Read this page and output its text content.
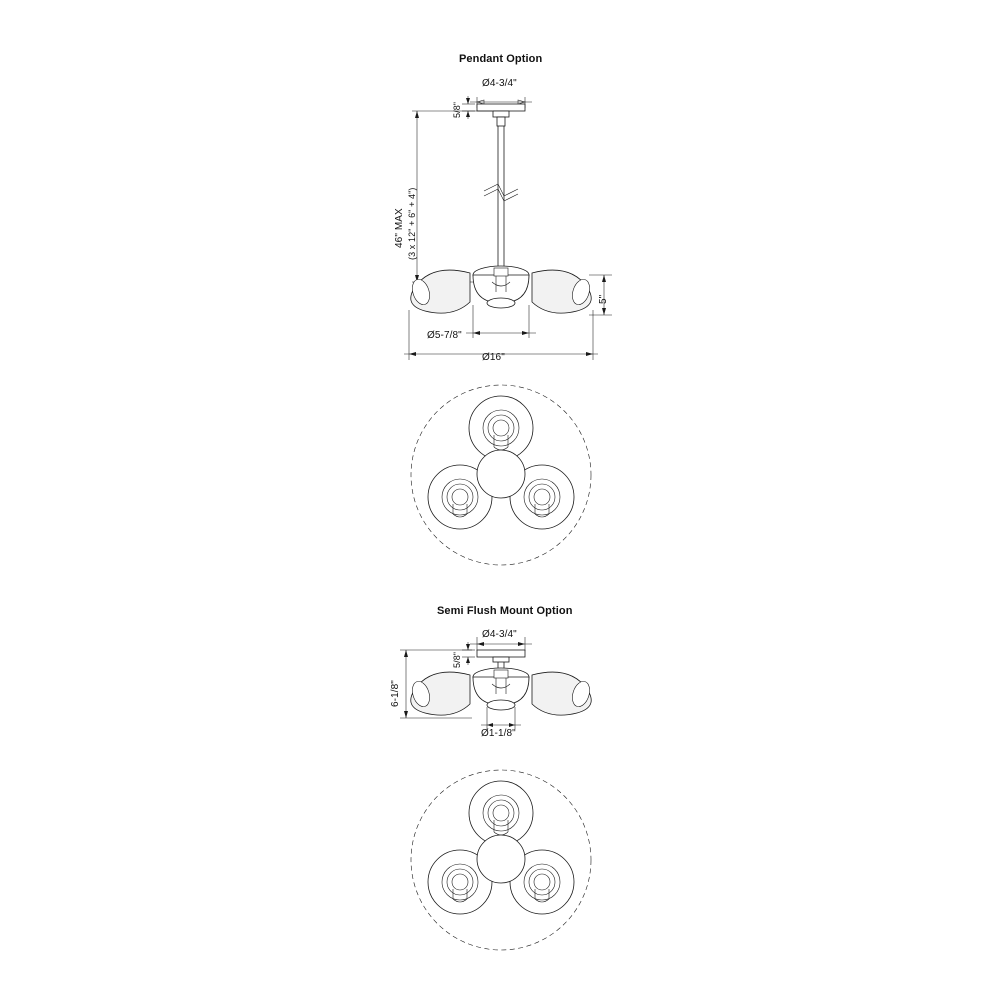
Pendant Option
Ø4-3/4"
5/8"
46" MAX (3 x 12" + 6" + 4")
5"
Ø5-7/8"
Ø16"
Semi Flush Mount Option
Ø4-3/4"
5/8"
6-1/8"
Ø1-1/8"
